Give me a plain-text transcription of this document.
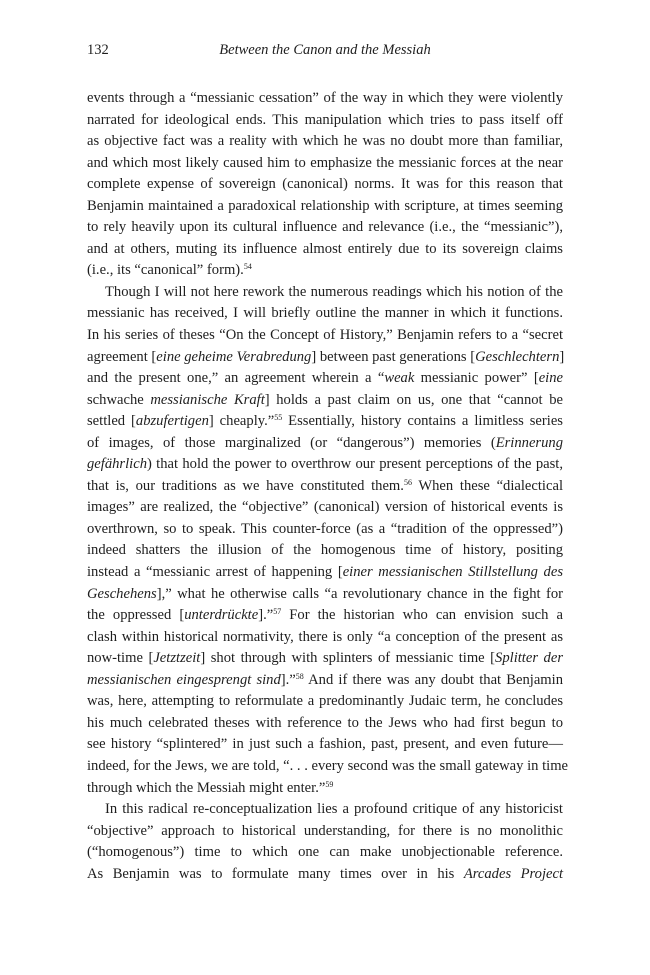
132	Between the Canon and the Messiah

events through a “messianic cessation” of the way in which they were violently
narrated for ideological ends. This manipulation which tries to pass itself off
as objective fact was a reality with which he was no doubt more than familiar,
and which most likely caused him to emphasize the messianic forces at the near
complete expense of sovereign (canonical) norms. It was for this reason that
Benjamin maintained a paradoxical relationship with scripture, at times seeming
to rely heavily upon its cultural influence and relevance (i.e., the “messianic”),
and at others, muting its influence almost entirely due to its sovereign claims
(i.e., its “canonical” form).$^{54}$

Though I will not here rework the numerous readings which his notion of the
messianic has received, I will briefly outline the manner in which it functions.
In his series of theses “On the Concept of History,” Benjamin refers to a “secret
agreement [eine geheime Verabredung] between past generations [Geschlechtern]
and the present one,” an agreement wherein a “weak messianic power” [eine
schwache messianische Kraft] holds a past claim on us, one that “cannot be
settled [abzufertigen] cheaply.”$^{55}$ Essentially, history contains a limitless series
of images, of those marginalized (or “dangerous”) memories (Erinnerung
gefährlich) that hold the power to overthrow our present perceptions of the past,
that is, our traditions as we have constituted them.$^{56}$ When these “dialectical
images” are realized, the “objective” (canonical) version of historical events is
overthrown, so to speak. This counter-force (as a “tradition of the oppressed”)
indeed shatters the illusion of the homogenous time of history, positing
instead a “messianic arrest of happening [einer messianischen Stillstellung des
Geschehens],” what he otherwise calls “a revolutionary chance in the fight for
the oppressed [unterdrückte].”$^{57}$ For the historian who can envision such a
clash within historical normativity, there is only “a conception of the present as
now-time [Jetztzeit] shot through with splinters of messianic time [Splitter der
messianischen eingesprengt sind].”$^{58}$ And if there was any doubt that Benjamin
was, here, attempting to reformulate a predominantly Judaic term, he concludes
his much celebrated theses with reference to the Jews who had first begun to
see history “splintered” in just such a fashion, past, present, and even future—
indeed, for the Jews, we are told, “. . . every second was the small gateway in time
through which the Messiah might enter.”$^{59}$

In this radical re-conceptualization lies a profound critique of any historicist
“objective” approach to historical understanding, for there is no monolithic
(“homogenous”) time to which one can make unobjectionable reference.
As Benjamin was to formulate many times over in his Arcades Project
